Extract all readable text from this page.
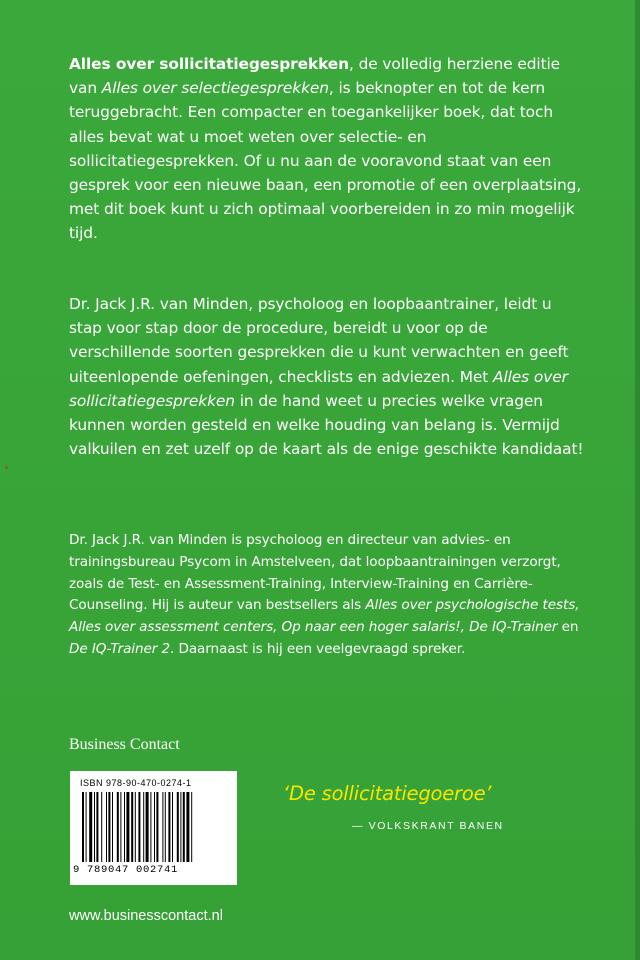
Alles over sollicitatiegesprekken, de volledig herziene editie van Alles over selectiegesprekken, is beknopter en tot de kern teruggebracht. Een compacter en toegankelijker boek, dat toch alles bevat wat u moet weten over selectie- en sollicitatiegesprekken. Of u nu aan de vooravond staat van een gesprek voor een nieuwe baan, een promotie of een overplaatsing, met dit boek kunt u zich optimaal voorbereiden in zo min mogelijk tijd.
Dr. Jack J.R. van Minden, psycholoog en loopbaantrainer, leidt u stap voor stap door de procedure, bereidt u voor op de verschillende soorten gesprekken die u kunt verwachten en geeft uiteenlopende oefeningen, checklists en adviezen. Met Alles over sollicitatiegesprekken in de hand weet u precies welke vragen kunnen worden gesteld en welke houding van belang is. Vermijd valkuilen en zet uzelf op de kaart als de enige geschikte kandidaat!
Dr. Jack J.R. van Minden is psycholoog en directeur van advies- en trainingsbureau Psycom in Amstelveen, dat loopbaantrainingen verzorgt, zoals de Test- en Assessment-Training, Interview-Training en Carrière-Counseling. Hij is auteur van bestsellers als Alles over psychologische tests, Alles over assessment centers, Op naar een hoger salaris!, De IQ-Trainer en De IQ-Trainer 2. Daarnaast is hij een veelgevraagd spreker.
Business Contact
ISBN 978-90-470-0274-1
9 789047 002741
‘De sollicitatiegoeroe’
— VOLKSKRANT BANEN
www.businesscontact.nl
